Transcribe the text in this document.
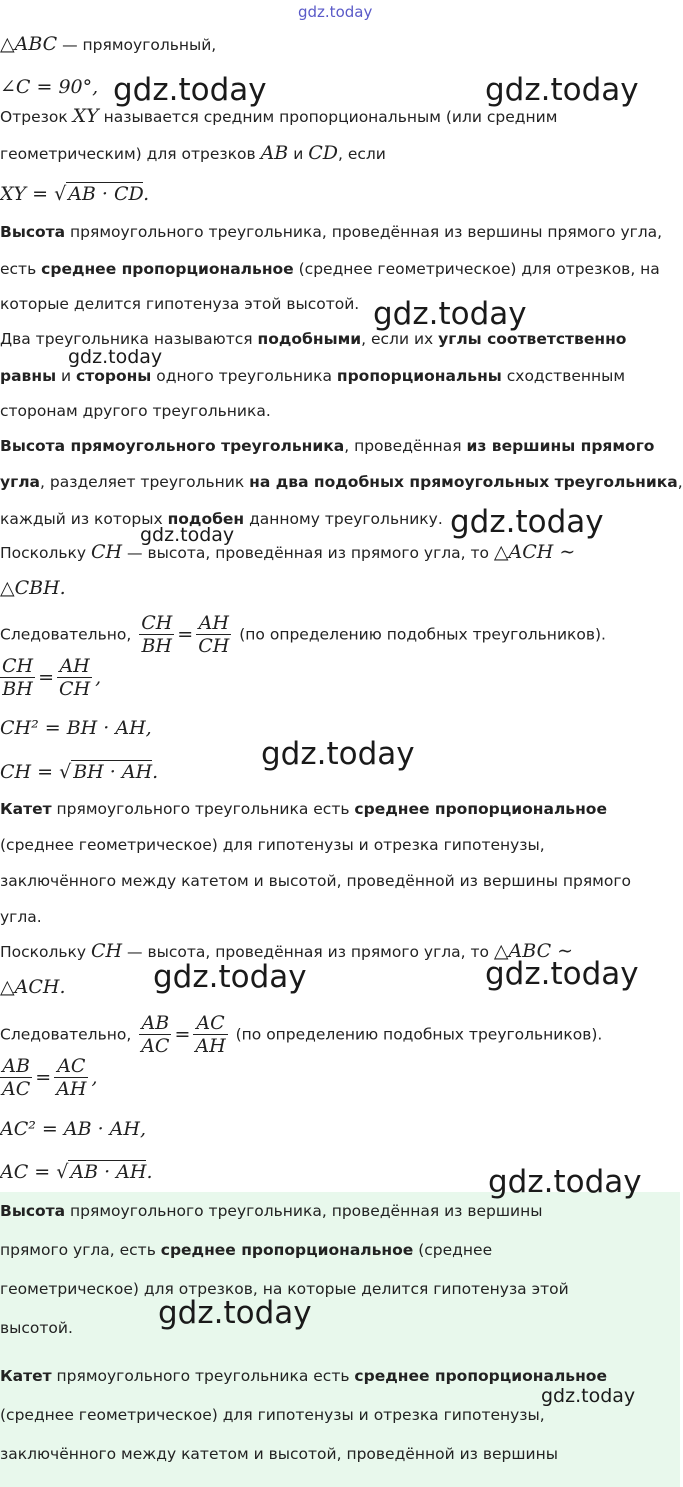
△ABC — прямоугольный,
∠C = 90°,
Отрезок XY называется средним пропорциональным (или средним
геометрическим) для отрезков AB и CD, если
XY = √ AB · CD.
Высота прямоугольного треугольника, проведённая из вершины прямого угла,
есть среднее пропорциональное (среднее геометрическое) для отрезков, на
которые делится гипотенуза этой высотой.
Два треугольника называются подобными, если их углы соответственно
равны и стороны одного треугольника пропорциональны сходственным
сторонам другого треугольника.
Высота прямоугольного треугольника, проведённая из вершины прямого
угла, разделяет треугольник на два подобных прямоугольных треугольника,
каждый из которых подобен данному треугольнику.
Поскольку CH — высота, проведённая из прямого угла, то △ACH ∼
△CBH.
Следовательно, $\frac{CH}{BH} = \frac{AH}{CH} (по$ определению подобных треугольников).
$\frac{CH}{BH} = \frac{AH}{CH}$ ,
CH² = BH · AH,
CH = √ BH · AH.
Катет прямоугольного треугольника есть среднее пропорциональное
(среднее геометрическое) для гипотенузы и отрезка гипотенузы,
заключённого между катетом и высотой, проведённой из вершины прямого
угла.
Поскольку CH — высота, проведённая из прямого угла, то △ABC ∼
△ACH.
Следовательно, $\frac{AB}{AC} = \frac{AC}{AH} (по$ определению подобных треугольников).
$\frac{AB}{AC} = \frac{AC}{AH}$ ,
AC² = AB · AH,
AC = √ AB · AH.
Высота прямоугольного треугольника, проведённая из вершины
прямого угла, есть среднее пропорциональное (среднее
геометрическое) для отрезков, на которые делится гипотенуза этой
высотой.
Катет прямоугольного треугольника есть среднее пропорциональное
(среднее геометрическое) для гипотенузы и отрезка гипотенузы,
заключённого между катетом и высотой, проведённой из вершины
gdz.today
gdz.today	gdz.today
gdz.today
gdz.today
gdz.today
gdz.today
gdz.today
gdz.today	gdz.today
gdz.today
gdz.today
gdz.today
